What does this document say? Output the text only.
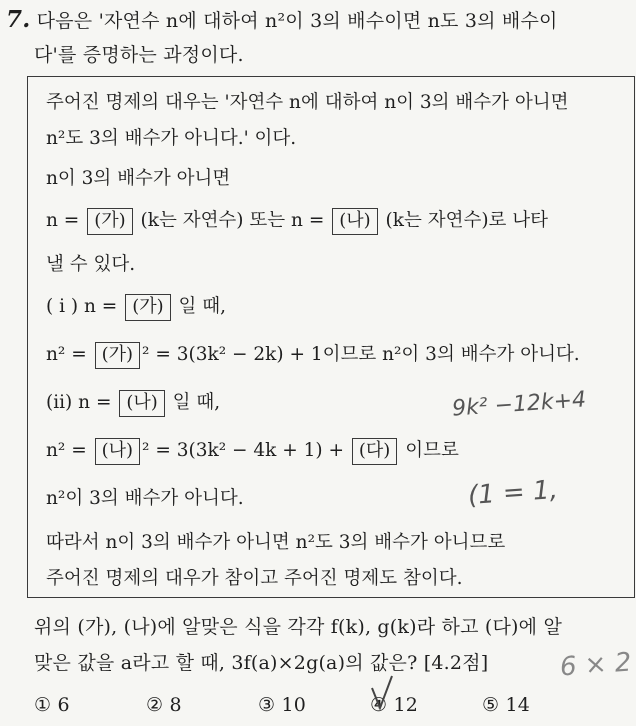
7. 다음은 '자연수 n에 대하여 n²이 3의 배수이면 n도 3의 배수이
다'를 증명하는 과정이다.
주어진 명제의 대우는 '자연수 n에 대하여 n이 3의 배수가 아니면
n²도 3의 배수가 아니다.' 이다.
n이 3의 배수가 아니면
n = (가) (k는 자연수) 또는 n = (나) (k는 자연수)로 나타
낼 수 있다.
( i ) n = (가) 일 때,
n² = (가) ² = 3(3k² − 2k) + 1이므로 n²이 3의 배수가 아니다.
(ii) n = (나) 일 때,
n² = (나) ² = 3(3k² − 4k + 1) + (다) 이므로
n²이 3의 배수가 아니다.
따라서 n이 3의 배수가 아니면 n²도 3의 배수가 아니므로
주어진 명제의 대우가 참이고 주어진 명제도 참이다.
위의 (가), (나)에 알맞은 식을 각각 f(k), g(k)라 하고 (다)에 알
맞은 값을 a라고 할 때, 3f(a)×2g(a)의 값은? [4.2점]
① 6	② 8	③ 10	④ 12	⑤ 14
9k² −12k+4
(1 = 1,
6 × 2
